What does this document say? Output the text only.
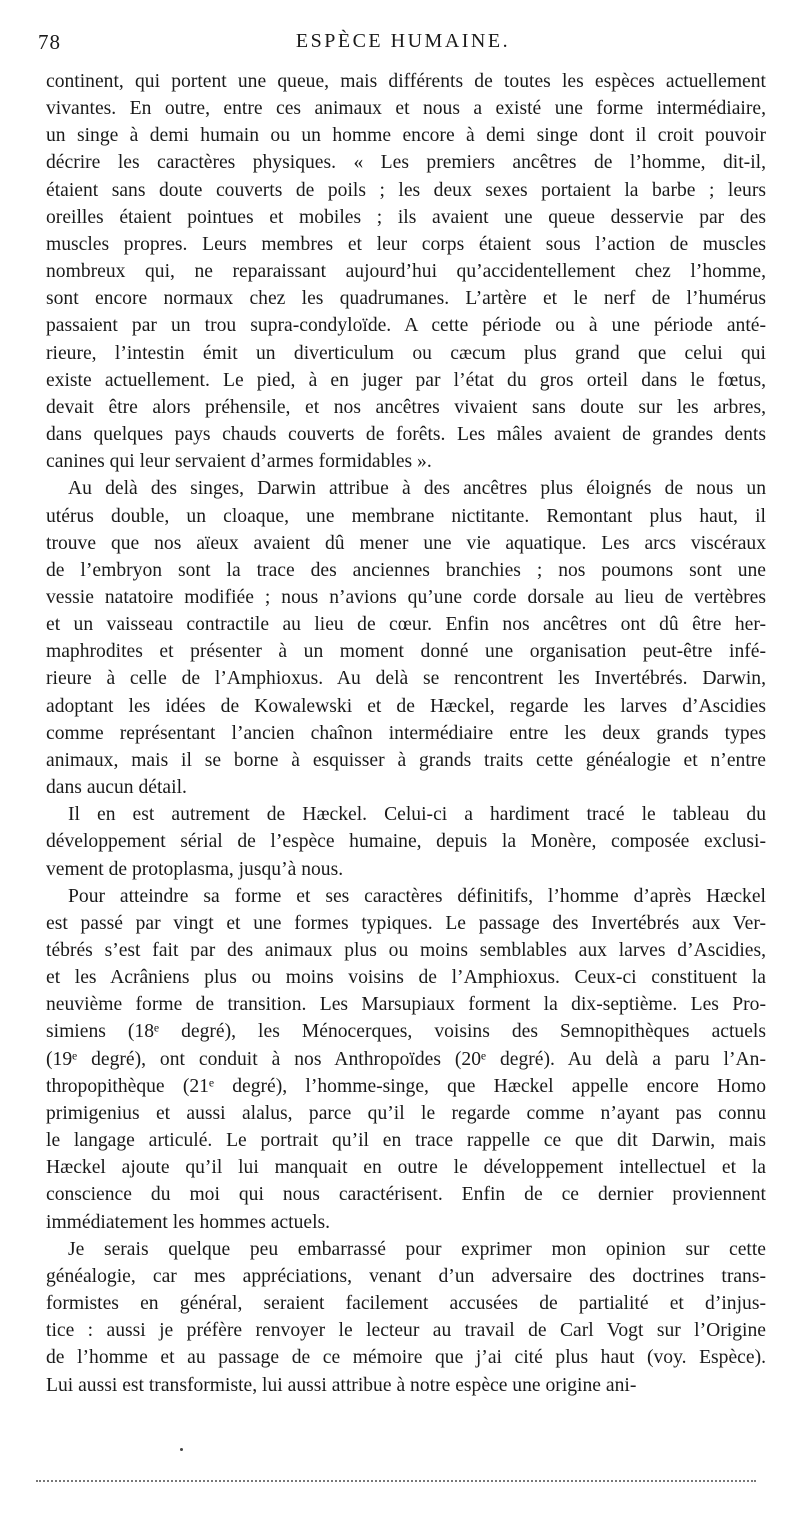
78	ESPÈCE HUMAINE.
continent, qui portent une queue, mais différents de toutes les espèces actuellement
vivantes. En outre, entre ces animaux et nous a existé une forme intermédiaire,
un singe à demi humain ou un homme encore à demi singe dont il croit pouvoir
décrire les caractères physiques. « Les premiers ancêtres de l’homme, dit-il,
étaient sans doute couverts de poils ; les deux sexes portaient la barbe ; leurs
oreilles étaient pointues et mobiles ; ils avaient une queue desservie par des
muscles propres. Leurs membres et leur corps étaient sous l’action de muscles
nombreux qui, ne reparaissant aujourd’hui qu’accidentellement chez l’homme,
sont encore normaux chez les quadrumanes. L’artère et le nerf de l’humérus
passaient par un trou supra-condyloïde. A cette période ou à une période anté-
rieure, l’intestin émit un diverticulum ou cæcum plus grand que celui qui
existe actuellement. Le pied, à en juger par l’état du gros orteil dans le fœtus,
devait être alors préhensile, et nos ancêtres vivaient sans doute sur les arbres,
dans quelques pays chauds couverts de forêts. Les mâles avaient de grandes dents
canines qui leur servaient d’armes formidables ».
Au delà des singes, Darwin attribue à des ancêtres plus éloignés de nous un
utérus double, un cloaque, une membrane nictitante. Remontant plus haut, il
trouve que nos aïeux avaient dû mener une vie aquatique. Les arcs viscéraux
de l’embryon sont la trace des anciennes branchies ; nos poumons sont une
vessie natatoire modifiée ; nous n’avions qu’une corde dorsale au lieu de vertèbres
et un vaisseau contractile au lieu de cœur. Enfin nos ancêtres ont dû être her-
maphrodites et présenter à un moment donné une organisation peut-être infé-
rieure à celle de l’Amphioxus. Au delà se rencontrent les Invertébrés. Darwin,
adoptant les idées de Kowalewski et de Hæckel, regarde les larves d’Ascidies
comme représentant l’ancien chaînon intermédiaire entre les deux grands types
animaux, mais il se borne à esquisser à grands traits cette généalogie et n’entre
dans aucun détail.
Il en est autrement de Hæckel. Celui-ci a hardiment tracé le tableau du
développement sérial de l’espèce humaine, depuis la Monère, composée exclusi-
vement de protoplasma, jusqu’à nous.
Pour atteindre sa forme et ses caractères définitifs, l’homme d’après Hæckel
est passé par vingt et une formes typiques. Le passage des Invertébrés aux Ver-
tébrés s’est fait par des animaux plus ou moins semblables aux larves d’Ascidies,
et les Acrâniens plus ou moins voisins de l’Amphioxus. Ceux-ci constituent la
neuvième forme de transition. Les Marsupiaux forment la dix-septième. Les Pro-
simiens (18ᵉ degré), les Ménocerques, voisins des Semnopithèques actuels
(19ᵉ degré), ont conduit à nos Anthropoïdes (20ᵉ degré). Au delà a paru l’An-
thropopithèque (21ᵉ degré), l’homme-singe, que Hæckel appelle encore Homo
primigenius et aussi alalus, parce qu’il le regarde comme n’ayant pas connu
le langage articulé. Le portrait qu’il en trace rappelle ce que dit Darwin, mais
Hæckel ajoute qu’il lui manquait en outre le développement intellectuel et la
conscience du moi qui nous caractérisent. Enfin de ce dernier proviennent
immédiatement les hommes actuels.
Je serais quelque peu embarrassé pour exprimer mon opinion sur cette
généalogie, car mes appréciations, venant d’un adversaire des doctrines trans-
formistes en général, seraient facilement accusées de partialité et d’injus-
tice : aussi je préfère renvoyer le lecteur au travail de Carl Vogt sur l’Origine
de l’homme et au passage de ce mémoire que j’ai cité plus haut (voy. Espèce).
Lui aussi est transformiste, lui aussi attribue à notre espèce une origine ani-
